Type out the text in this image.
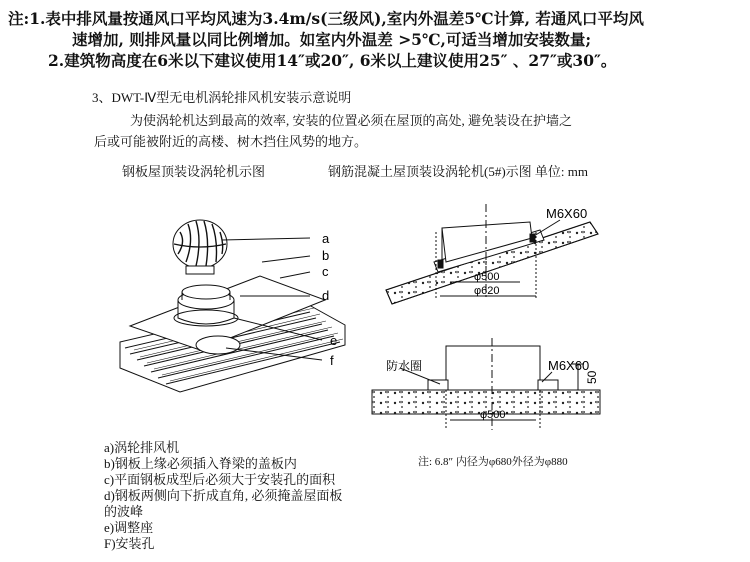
注:1.表中排风量按通风口平均风速为3.4m/s(三级风),室内外温差5℃计算, 若通风口平均风
速增加, 则排风量以同比例增加。如室内外温差 >5℃,可适当增加安装数量;
2.建筑物高度在6米以下建议使用14″或20″, 6米以上建议使用25″ 、27″或30″。
3、DWT-Ⅳ型无电机涡轮排风机安装示意说明
为使涡轮机达到最高的效率, 安装的位置必须在屋顶的高处, 避免装设在护墙之
后或可能被附近的高楼、树木挡住风势的地方。
钢板屋顶装设涡轮机示图	钢筋混凝土屋顶装设涡轮机(5#)示图 单位: mm
a
b
c
d
e
f
M6X60
φ500
φ620
防水圈	M6X60
50
φ500
a)涡轮排风机
b)钢板上缘必须插入脊梁的盖板内
c)平面钢板成型后必须大于安装孔的面积
d)钢板两侧向下折成直角, 必须掩盖屋面板
的波峰
e)调整座
F)安装孔
注: 6.8″ 内径为φ680外径为φ880
